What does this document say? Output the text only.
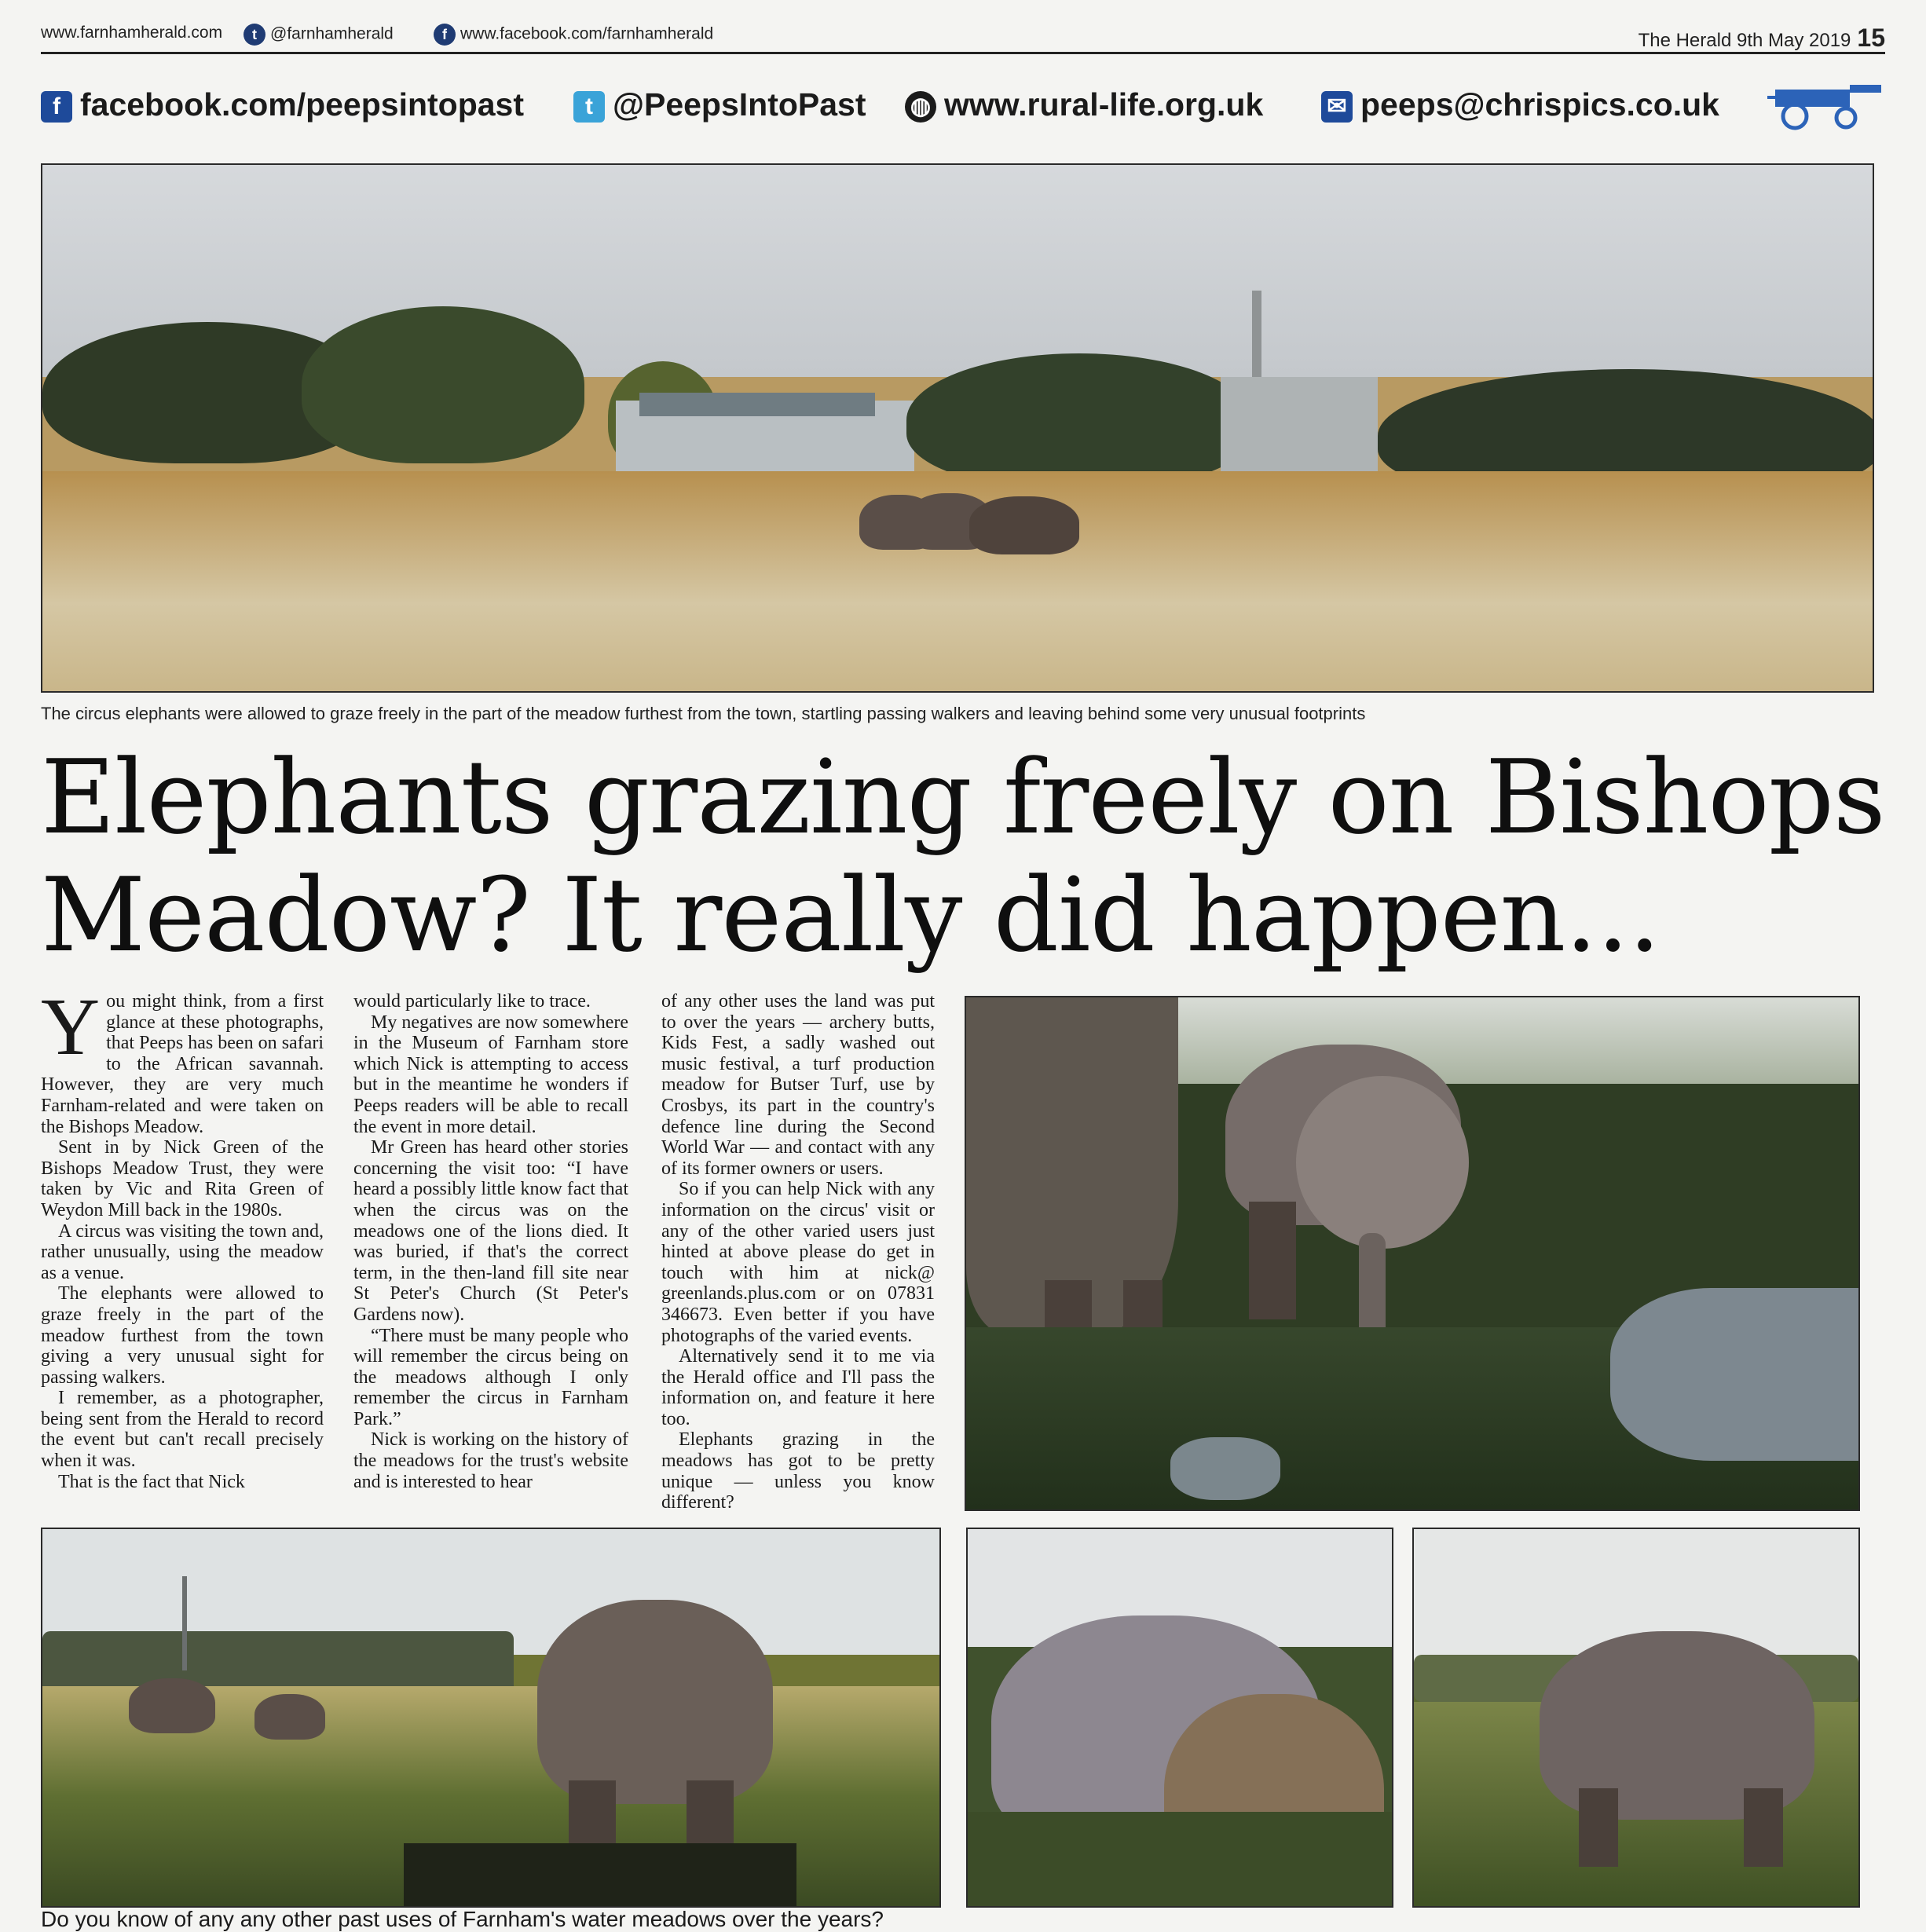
www.farnhamherald.com	t @farnhamherald	f www.facebook.com/farnhamherald	The Herald 9th May 2019 15
f facebook.com/peepsintopast	t @PeepsIntoPast ◍ www.rural-life.org.uk	✉ peeps@chrispics.co.uk
The circus elephants were allowed to graze freely in the part of the meadow furthest from the town, startling passing walkers and leaving behind some very unusual footprints
Elephants grazing freely on Bishops Meadow? It really did happen...

You might think, from a first glance at these photographs, that Peeps has been on safari to the African savannah. However, they are very much Farnham-related and were taken on the Bishops Meadow.

Sent in by Nick Green of the Bishops Meadow Trust, they were taken by Vic and Rita Green of Weydon Mill back in the 1980s.

A circus was visiting the town and, rather unusually, using the meadow as a venue.

The elephants were allowed to graze freely in the part of the meadow furthest from the town giving a very unusual sight for passing walkers.

I remember, as a photographer, being sent from the Herald to record the event but can't recall precisely when it was.

That is the fact that Nick

would particularly like to trace.

My negatives are now somewhere in the Museum of Farnham store which Nick is attempting to access but in the meantime he wonders if Peeps readers will be able to recall the event in more detail.

Mr Green has heard other stories concerning the visit too: “I have heard a possibly little know fact that when the circus was on the meadows one of the lions died. It was buried, if that's the correct term, in the then-land fill site near St Peter's Church (St Peter's Gardens now).

“There must be many people who will remember the circus being on the meadows although I only remember the circus in Farnham Park.”

Nick is working on the history of the meadows for the trust's website and is interested to hear

of any other uses the land was put to over the years — archery butts, Kids Fest, a sadly washed out music festival, a turf production meadow for Butser Turf, use by Crosbys, its part in the country's defence line during the Second World War — and contact with any of its former owners or users.

So if you can help Nick with any information on the circus' visit or any of the other varied users just hinted at above please do get in touch with him at nick@ greenlands.plus.com or on 07831 346673. Even better if you have photographs of the varied events.

Alternatively send it to me via the Herald office and I'll pass the information on, and feature it here too.

Elephants grazing in the meadows has got to be pretty unique — unless you know different?

Do you know of any any other past uses of Farnham's water meadows over the years?
